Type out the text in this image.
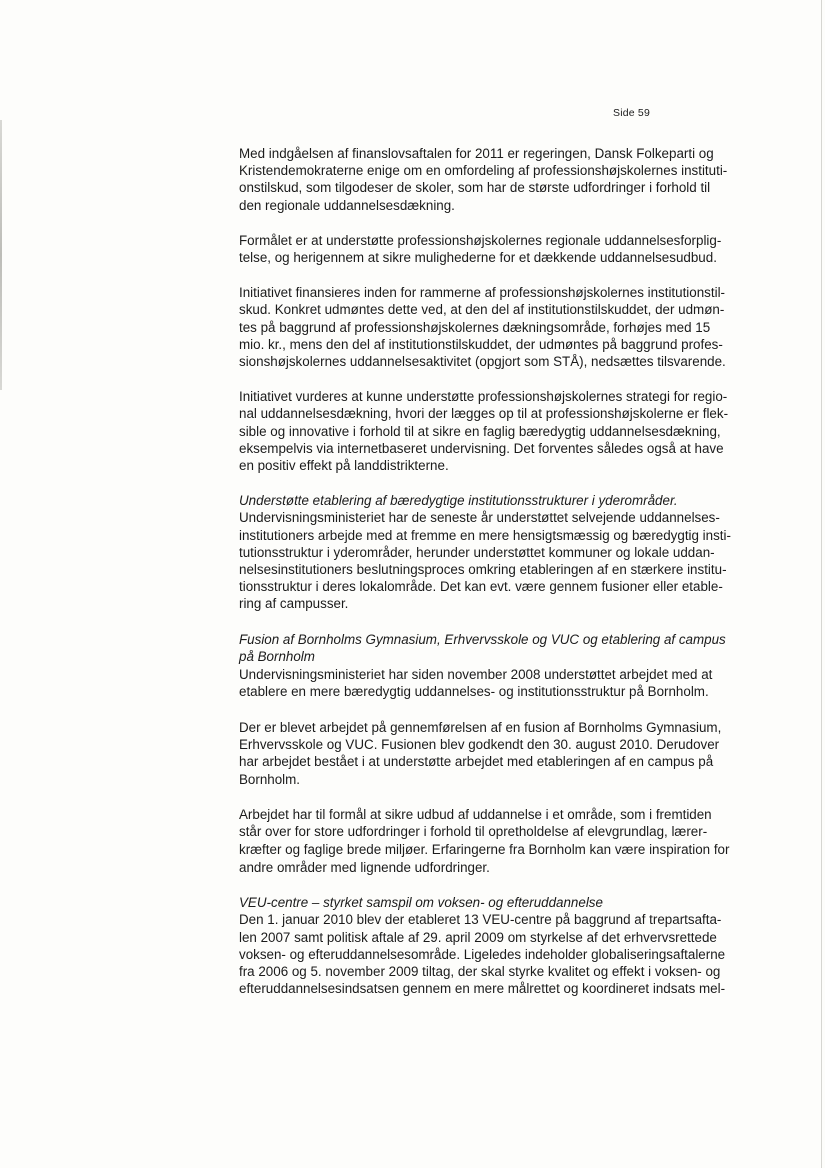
Side 59

Med indgåelsen af finanslovsaftalen for 2011 er regeringen, Dansk Folkeparti og
Kristendemokraterne enige om en omfordeling af professionshøjskolernes instituti-
onstilskud, som tilgodeser de skoler, som har de største udfordringer i forhold til
den regionale uddannelsesdækning.

Formålet er at understøtte professionshøjskolernes regionale uddannelsesforplig-
telse, og herigennem at sikre mulighederne for et dækkende uddannelsesudbud.

Initiativet finansieres inden for rammerne af professionshøjskolernes institutionstil-
skud. Konkret udmøntes dette ved, at den del af institutionstilskuddet, der udmøn-
tes på baggrund af professionshøjskolernes dækningsområde, forhøjes med 15
mio. kr., mens den del af institutionstilskuddet, der udmøntes på baggrund profes-
sionshøjskolernes uddannelsesaktivitet (opgjort som STÅ), nedsættes tilsvarende.

Initiativet vurderes at kunne understøtte professionshøjskolernes strategi for regio-
nal uddannelsesdækning, hvori der lægges op til at professionshøjskolerne er flek-
sible og innovative i forhold til at sikre en faglig bæredygtig uddannelsesdækning,
eksempelvis via internetbaseret undervisning. Det forventes således også at have
en positiv effekt på landdistrikterne.

Understøtte etablering af bæredygtige institutionsstrukturer i yderområder.
Undervisningsministeriet har de seneste år understøttet selvejende uddannelses-
institutioners arbejde med at fremme en mere hensigtsmæssig og bæredygtig insti-
tutionsstruktur i yderområder, herunder understøttet kommuner og lokale uddan-
nelsesinstitutioners beslutningsproces omkring etableringen af en stærkere institu-
tionsstruktur i deres lokalområde. Det kan evt. være gennem fusioner eller etable-
ring af campusser.

Fusion af Bornholms Gymnasium, Erhvervsskole og VUC og etablering af campus
på Bornholm
Undervisningsministeriet har siden november 2008 understøttet arbejdet med at
etablere en mere bæredygtig uddannelses- og institutionsstruktur på Bornholm.

Der er blevet arbejdet på gennemførelsen af en fusion af Bornholms Gymnasium,
Erhvervsskole og VUC. Fusionen blev godkendt den 30. august 2010. Derudover
har arbejdet bestået i at understøtte arbejdet med etableringen af en campus på
Bornholm.

Arbejdet har til formål at sikre udbud af uddannelse i et område, som i fremtiden
står over for store udfordringer i forhold til opretholdelse af elevgrundlag, lærer-
kræfter og faglige brede miljøer. Erfaringerne fra Bornholm kan være inspiration for
andre områder med lignende udfordringer.

VEU-centre – styrket samspil om voksen- og efteruddannelse
Den 1. januar 2010 blev der etableret 13 VEU-centre på baggrund af trepartsafta-
len 2007 samt politisk aftale af 29. april 2009 om styrkelse af det erhvervsrettede
voksen- og efteruddannelsesområde. Ligeledes indeholder globaliseringsaftalerne
fra 2006 og 5. november 2009 tiltag, der skal styrke kvalitet og effekt i voksen- og
efteruddannelsesindsatsen gennem en mere målrettet og koordineret indsats mel-
